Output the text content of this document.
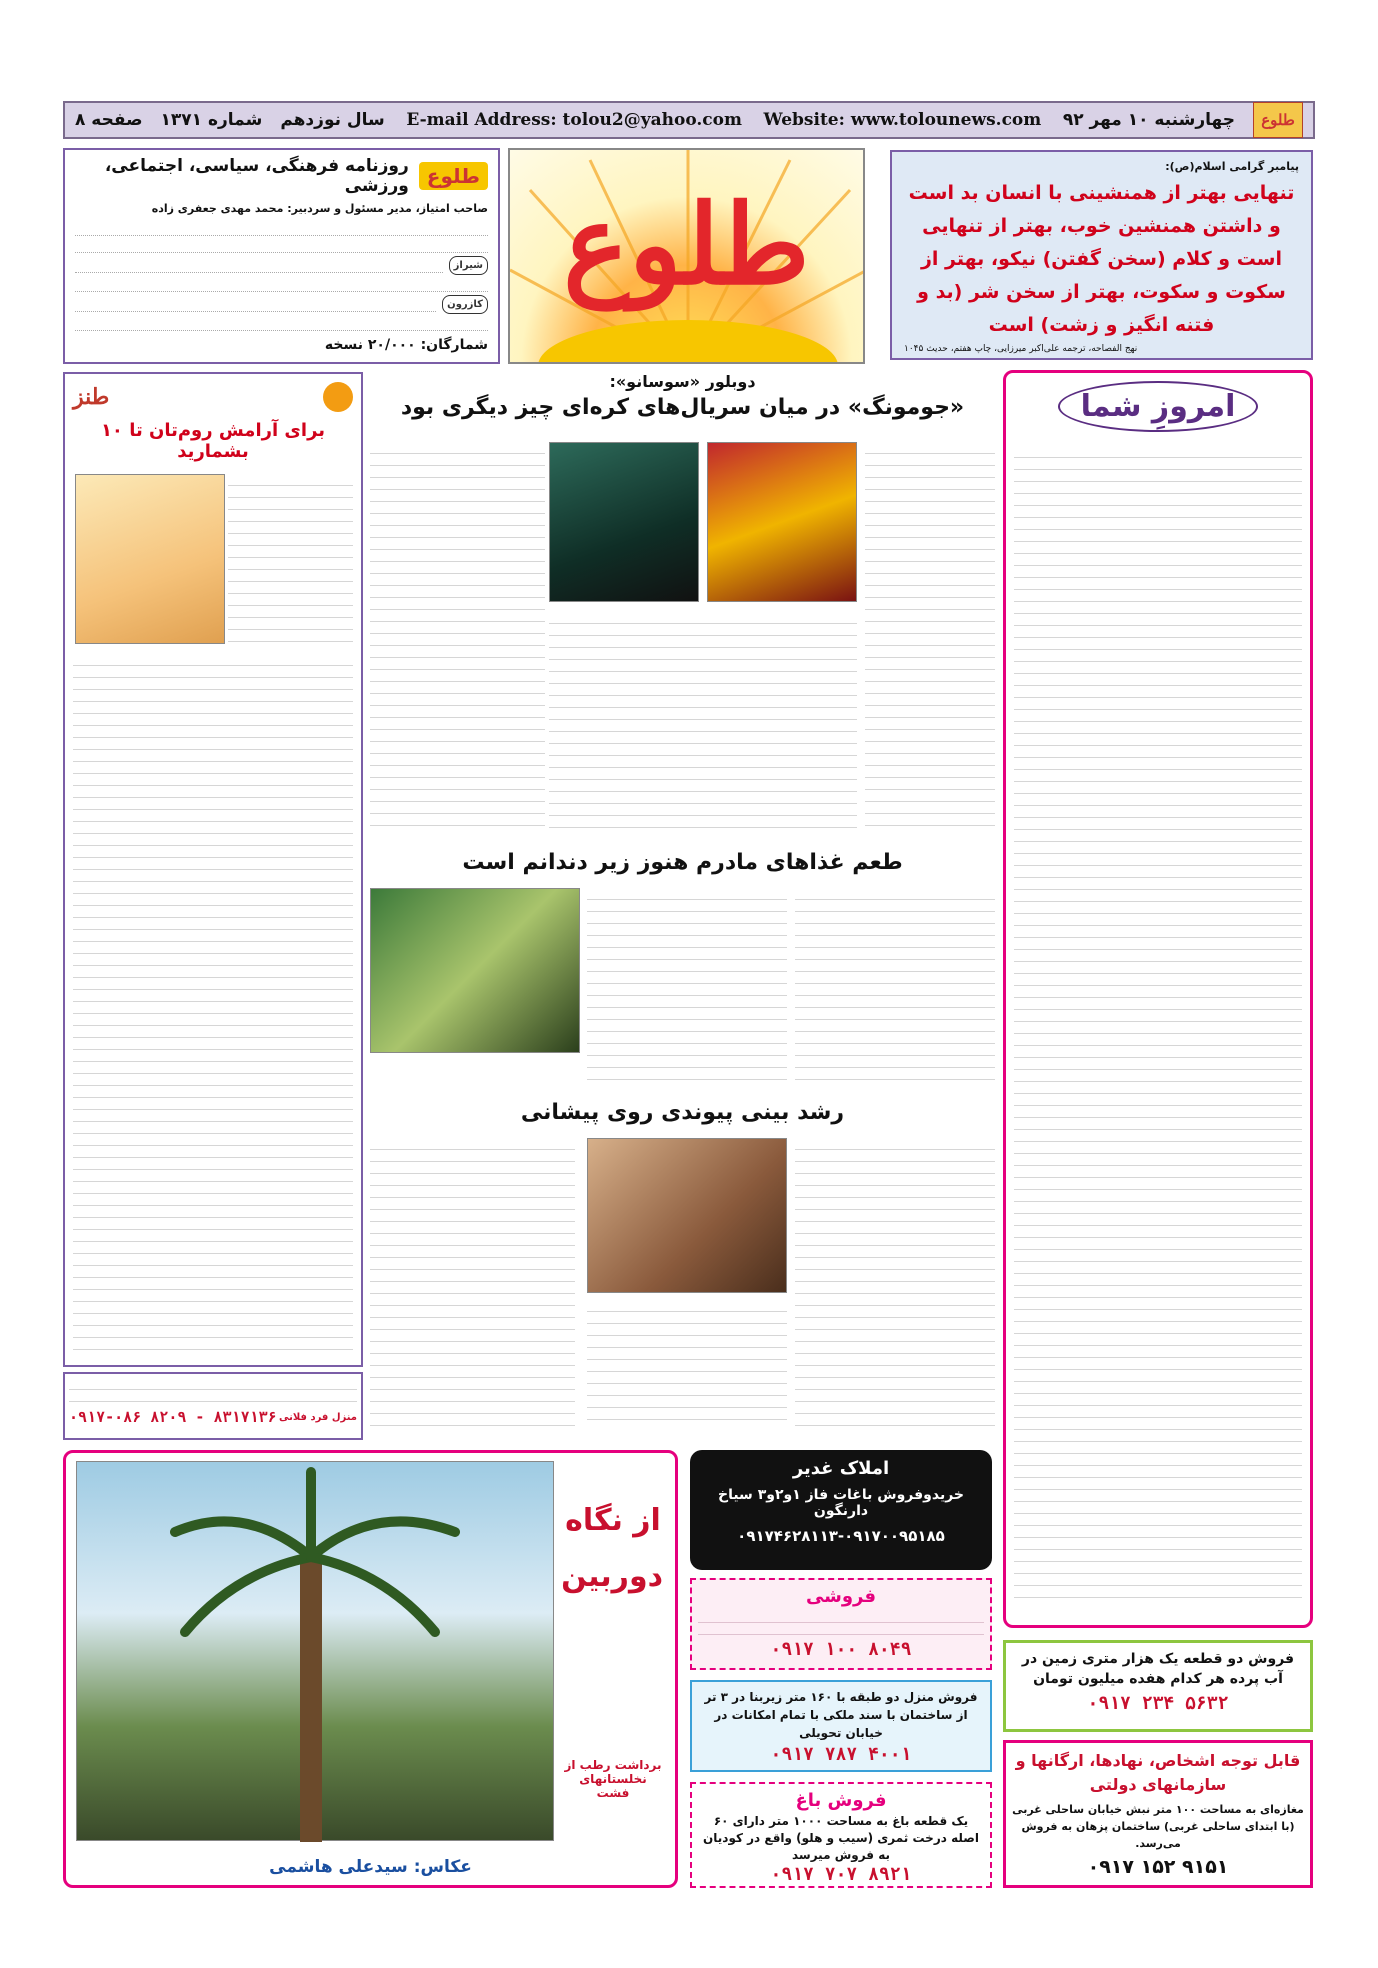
طلوع
چهارشنبه ۱۰ مهر ۹۲
Website: www.tolounews.com
E-mail Address: tolou2@yahoo.com
سال نوزدهم
شماره ۱۳۷۱
صفحه ۸
پیامبر گرامی اسلام(ص):
تنهایی بهتر از همنشینی با انسان بد است و داشتن همنشین خوب، بهتر از تنهایی است و کلام (سخن گفتن) نیکو، بهتر از سکوت و سکوت، بهتر از سخن شر (بد و فتنه انگیز و زشت) است
نهج الفصاحه، ترجمه علی‌اکبر میرزایی، چاپ هفتم، حدیث ۱۰۴۵
طلوع
طلوع
روزنامه فرهنگی، سیاسی، اجتماعی، ورزشی
صاحب امتیاز، مدیر مسئول و سردبیر: محمد مهدی جعفری زاده
شیراز
کازرون
شمارگان: ۲۰/۰۰۰ نسخه
امروزِ شما
دوبلور «سوسانو»:
«جومونگ» در میان سریال‌های کره‌ای چیز دیگری بود
طعم غذاهای مادرم هنوز زیر دندانم است
رشد بینی پیوندی روی پیشانی
طنز
برای آرامش روم‌تان تا ۱۰ بشمارید
منزل فرد فلانی
۰۹۱۷-۰۸۶ ۸۲۰۹ - ۸۳۱۷۱۳۶
از نگاه دوربین
برداشت رطب از نخلستانهای فشت
عکاس: سیدعلی هاشمی
املاک غدیر
خریدوفروش باغات فاز ۱و۲و۳ سیاخ دارنگون
۰۹۱۷۴۶۲۸۱۱۳-۰۹۱۷۰۰۹۵۱۸۵
فروشی
۰۹۱۷ ۱۰۰ ۸۰۴۹
فروش منزل دو طبقه با ۱۶۰ متر زیربنا در ۳ تر از ساختمان با سند ملکی با تمام امکانات در خیابان تحویلی
۰۹۱۷ ۷۸۷ ۴۰۰۱
فروش باغ
یک قطعه باغ به مساحت ۱۰۰۰ متر دارای ۶۰ اصله درخت ثمری (سیب و هلو) واقع در کودیان به فروش میرسد
۰۹۱۷ ۷۰۷ ۸۹۲۱
فروش دو قطعه یک هزار متری زمین در آب پرده هر کدام هفده میلیون تومان
۰۹۱۷ ۲۳۴ ۵۶۳۲
قابل توجه اشخاص، نهادها، ارگانها و سازمانهای دولتی
مغازه‌ای به مساحت ۱۰۰ متر نبش خیابان ساحلی غربی (با ابتدای ساحلی غربی) ساختمان پزهان به فروش می‌رسد.
۰۹۱۷ ۱۵۲ ۹۱۵۱
